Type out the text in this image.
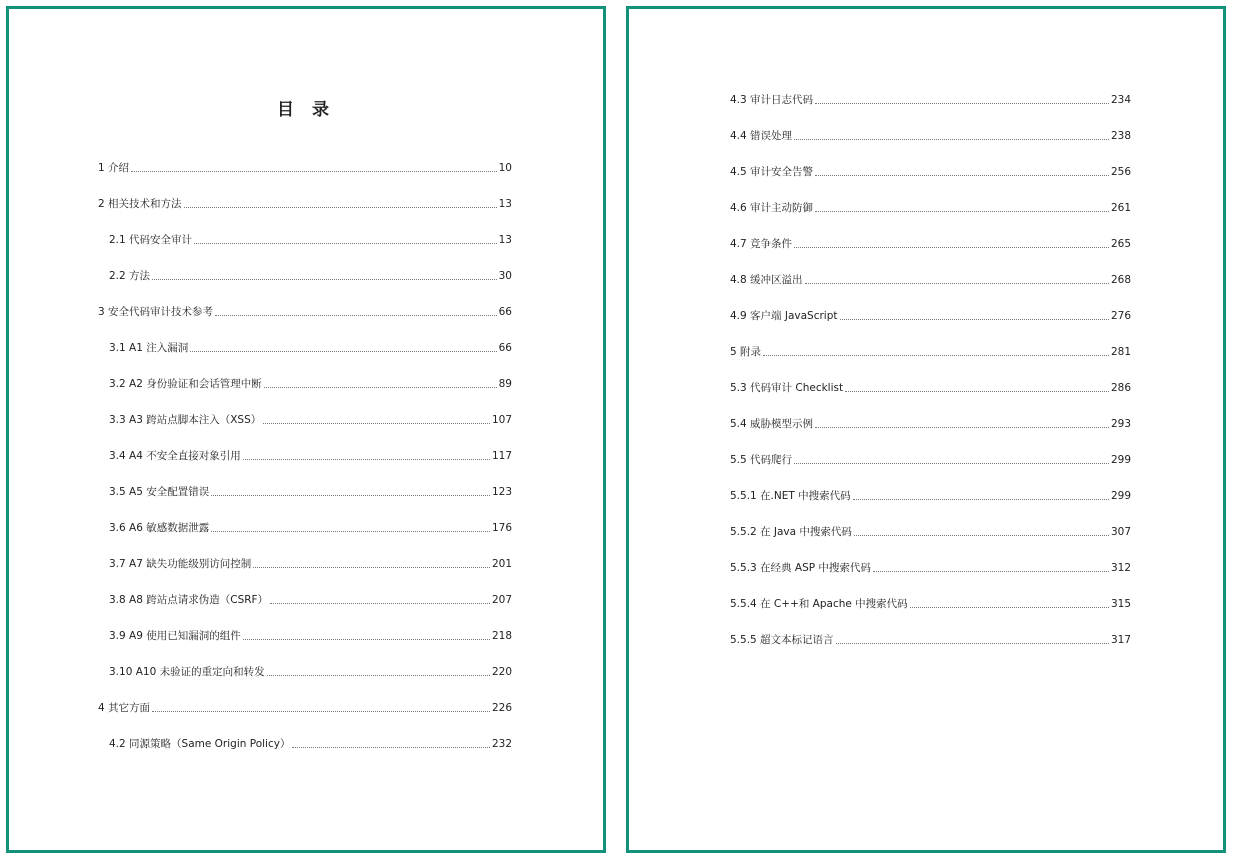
目 录
1 介绍	10
2 相关技术和方法	13
2.1 代码安全审计	13
2.2 方法	30
3 安全代码审计技术参考	66
3.1 A1 注入漏洞	66
3.2 A2 身份验证和会话管理中断	89
3.3 A3 跨站点脚本注入（XSS）	107
3.4 A4 不安全直接对象引用	117
3.5 A5 安全配置错误	123
3.6 A6 敏感数据泄露	176
3.7 A7 缺失功能级别访问控制	201
3.8 A8 跨站点请求伪造（CSRF）	207
3.9 A9 使用已知漏洞的组件	218
3.10 A10 未验证的重定向和转发	220
4 其它方面	226
4.2 同源策略（Same Origin Policy）	232
4.3 审计日志代码	234
4.4 错误处理	238
4.5 审计安全告警	256
4.6 审计主动防御	261
4.7 竞争条件	265
4.8 缓冲区溢出	268
4.9 客户端 JavaScript	276
5 附录	281
5.3 代码审计 Checklist	286
5.4 威胁模型示例	293
5.5 代码爬行	299
5.5.1 在.NET 中搜索代码	299
5.5.2 在 Java 中搜索代码	307
5.5.3 在经典 ASP 中搜索代码	312
5.5.4 在 C++和 Apache 中搜索代码	315
5.5.5 超文本标记语言	317
